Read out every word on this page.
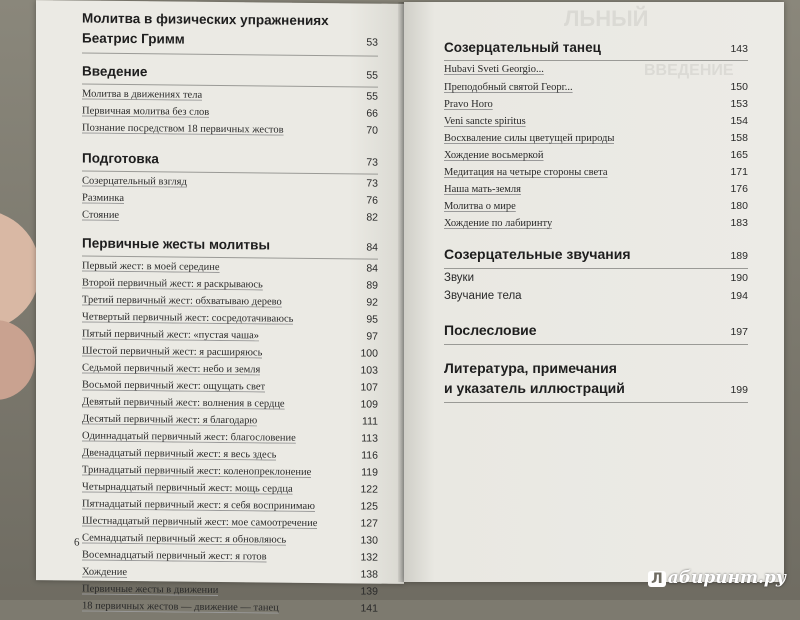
Молитва в физических упражнениях
Беатрис Гримм	53
Введение	55
Молитва в движениях тела	55
Первичная молитва без слов	66
Познание посредством 18 первичных жестов	70
Подготовка	73
Созерцательный взгляд	73
Разминка	76
Стояние	82
Первичные жесты молитвы	84
Первый жест: в моей середине	84
Второй первичный жест: я раскрываюсь	89
Третий первичный жест: обхватываю дерево	92
Четвертый первичный жест: сосредотачиваюсь	95
Пятый первичный жест: «пустая чаша»	97
Шестой первичный жест: я расширяюсь	100
Седьмой первичный жест: небо и земля	103
Восьмой первичный жест: ощущать свет	107
Девятый первичный жест: волнения в сердце	109
Десятый первичный жест: я благодарю	111
Одиннадцатый первичный жест: благословение	113
Двенадцатый первичный жест: я весь здесь	116
Тринадцатый первичный жест: коленопреклонение	119
Четырнадцатый первичный жест: мощь сердца	122
Пятнадцатый первичный жест: я себя воспринимаю	125
Шестнадцатый первичный жест: мое самоотречение	127
Семнадцатый первичный жест: я обновляюсь	130
Восемнадцатый первичный жест: я готов	132
Хождение	138
Первичные жесты в движении	139
18 первичных жестов — движение — танец	141
6
ЛЬНЫЙ
ВВЕДЕНИЕ
Созерцательный танец	143
Hubavi Sveti Georgio...
Преподобный святой Георг...	150
Pravo Horo	153
Veni sancte spiritus	154
Восхваление силы цветущей природы	158
Хождение восьмеркой	165
Медитация на четыре стороны света	171
Наша мать-земля	176
Молитва о мире	180
Хождение по лабиринту	183
Созерцательные звучания	189
Звуки	190
Звучание тела	194
Послесловие	197
Литература, примечания
и указатель иллюстраций	199
Л абиринт.ру
